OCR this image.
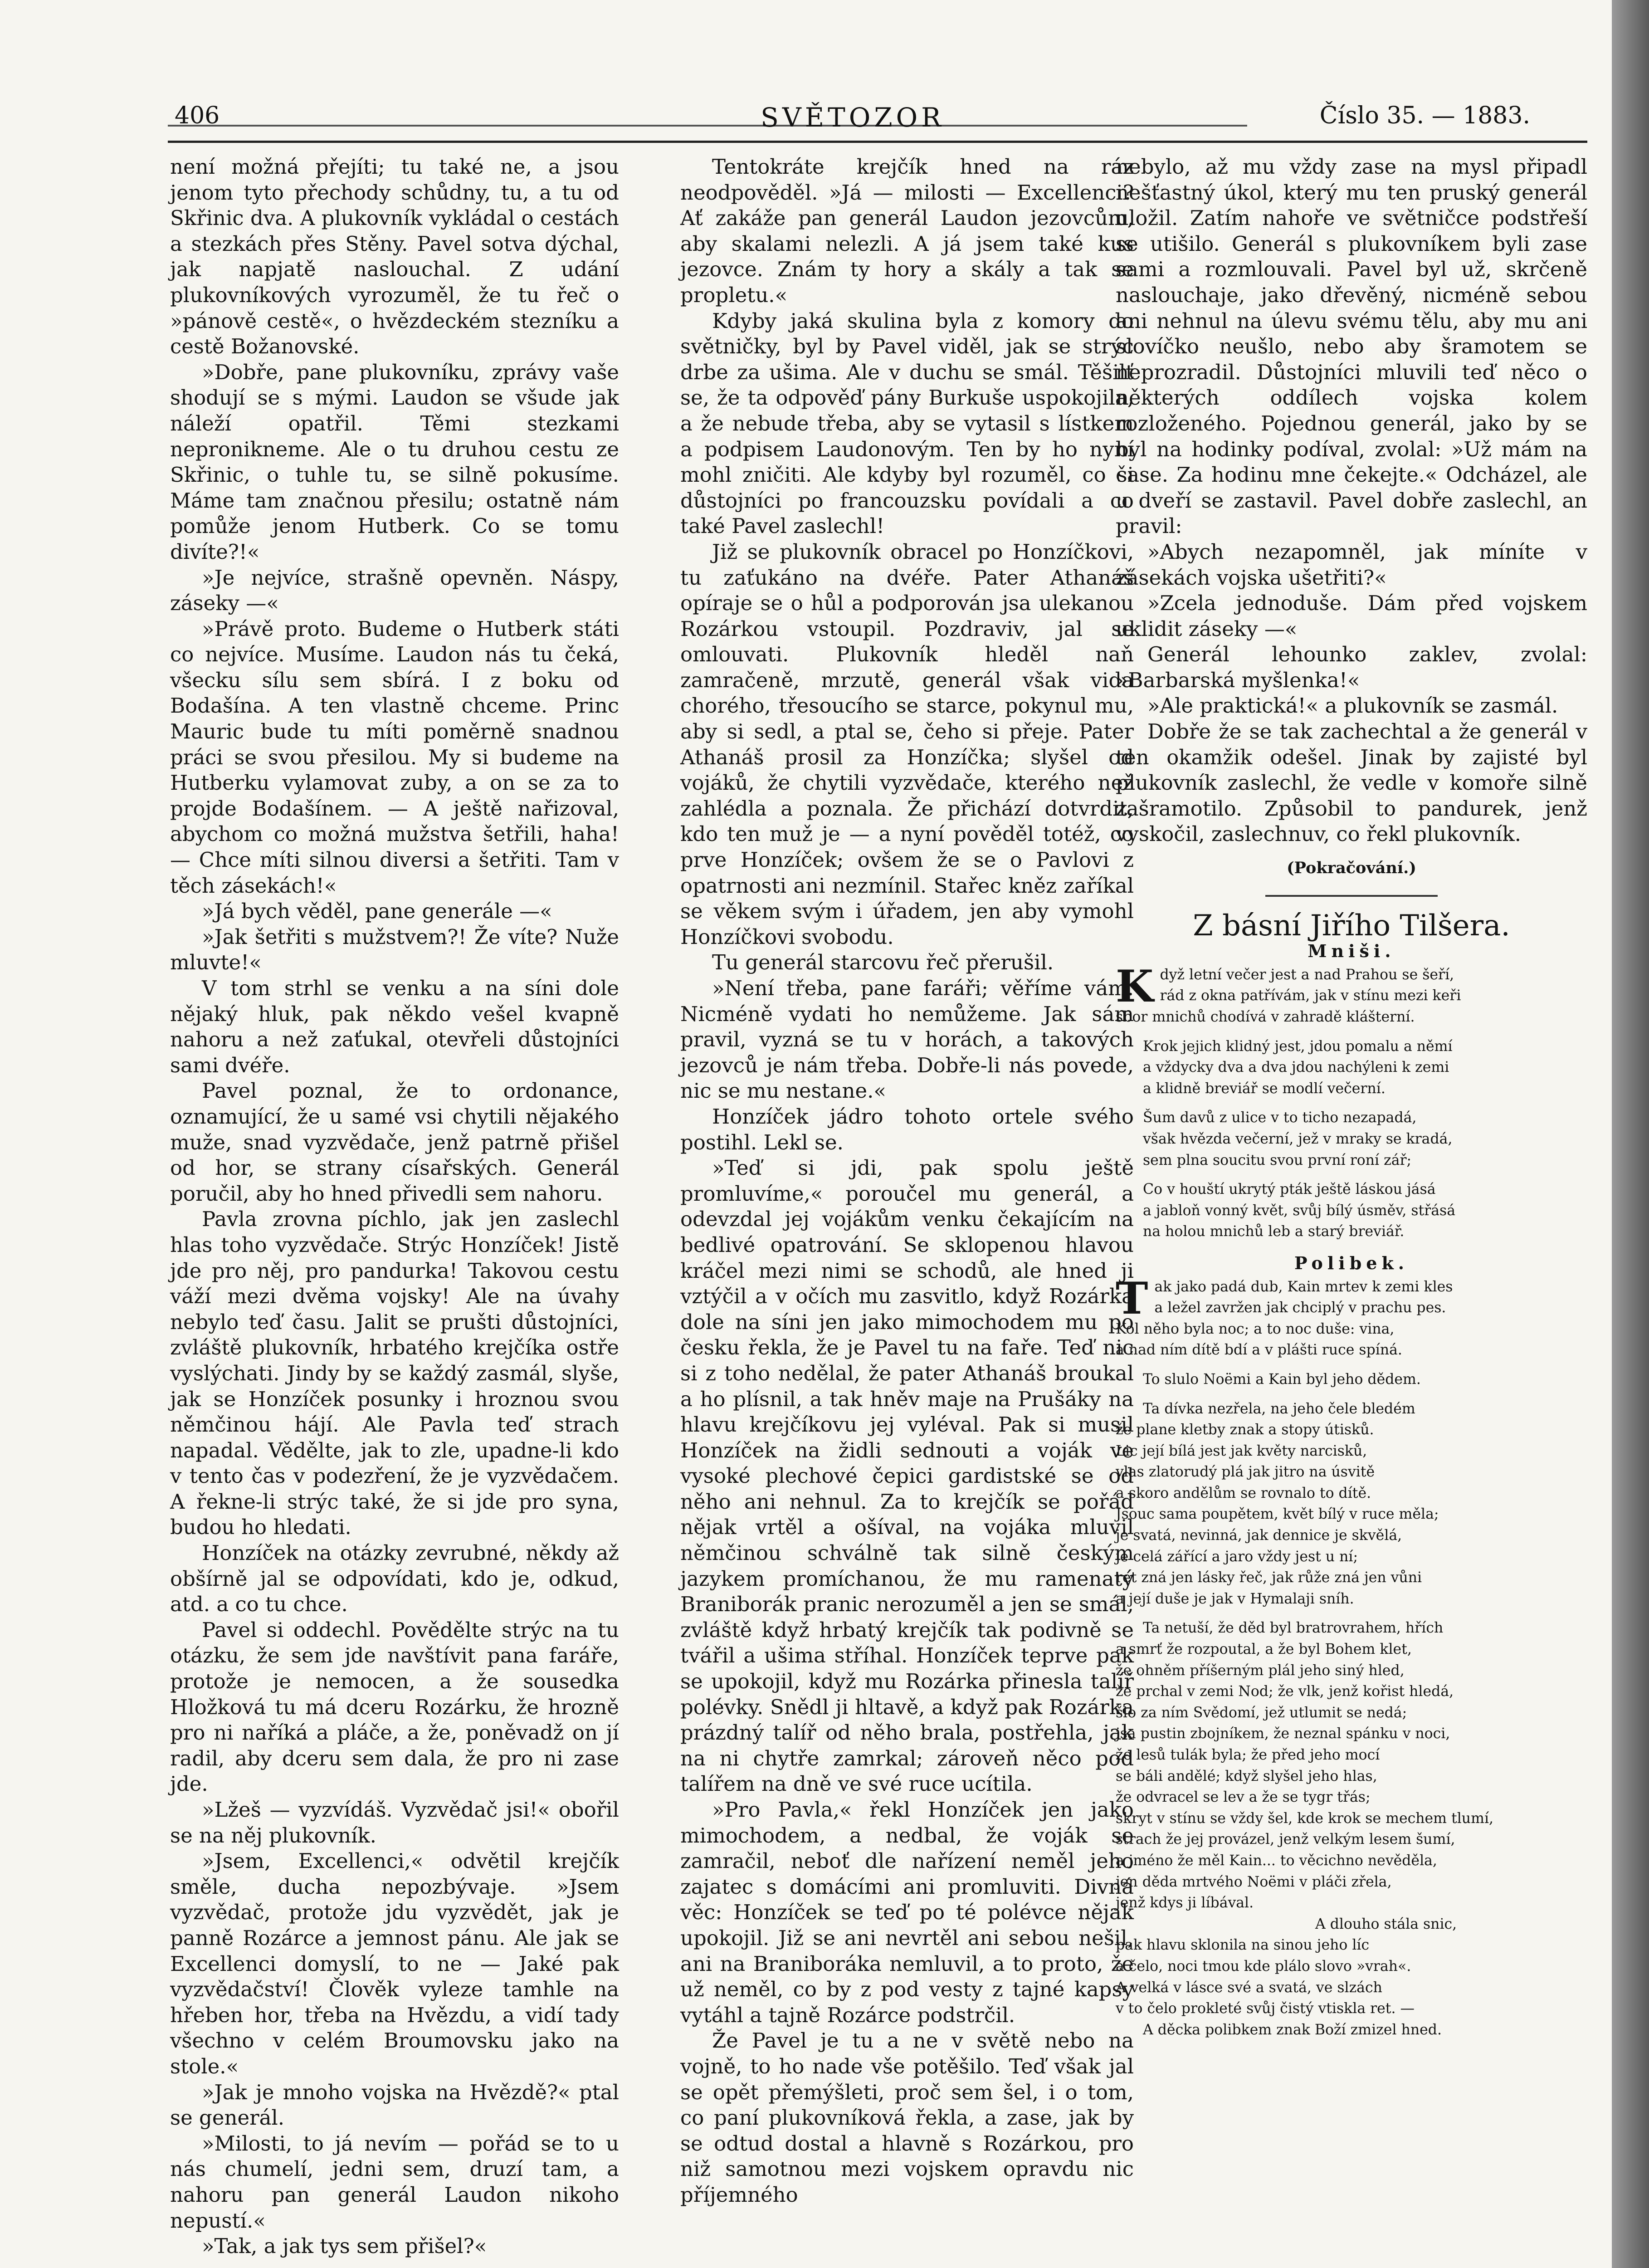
406	SVĚTOZOR	Číslo 35. — 1883.

není možná přejíti; tu také ne, a jsou jenom tyto přechody schůdny, tu, a tu od Skřinic dva. A plukovník vykládal o cestách a stezkách přes Stěny. Pavel sotva dýchal, jak napjatě naslouchal. Z udání plukovníkových vyrozuměl, že tu řeč o »pánově cestě«, o hvězdeckém stezníku a cestě Božanovské.

»Dobře, pane plukovníku, zprávy vaše shodují se s mými. Laudon se všude jak náleží opatřil. Těmi stezkami nepronikneme. Ale o tu druhou cestu ze Skřinic, o tuhle tu, se silně pokusíme. Máme tam značnou přesilu; ostatně nám pomůže jenom Hutberk. Co se tomu divíte?!«

»Je nejvíce, strašně opevněn. Náspy, záseky —«

»Právě proto. Budeme o Hutberk státi co nejvíce. Musíme. Laudon nás tu čeká, všecku sílu sem sbírá. I z boku od Bodašína. A ten vlastně chceme. Princ Mauric bude tu míti poměrně snadnou práci se svou přesilou. My si budeme na Hutberku vylamovat zuby, a on se za to projde Bodašínem. — A ještě nařizoval, abychom co možná mužstva šetřili, haha! — Chce míti silnou diversi a šetřiti. Tam v těch zásekách!«

»Já bych věděl, pane generále —«

»Jak šetřiti s mužstvem?! Že víte? Nuže mluvte!«

V tom strhl se venku a na síni dole nějaký hluk, pak někdo vešel kvapně nahoru a než zaťukal, otevřeli důstojníci sami dvéře.

Pavel poznal, že to ordonance, oznamující, že u samé vsi chytili nějakého muže, snad vyzvědače, jenž patrně přišel od hor, se strany císařských. Generál poručil, aby ho hned přivedli sem nahoru.

Pavla zrovna píchlo, jak jen zaslechl hlas toho vyzvědače. Strýc Honzíček! Jistě jde pro něj, pro pandurka! Takovou cestu váží mezi dvěma vojsky! Ale na úvahy nebylo teď času. Jalit se prušti důstojníci, zvláště plukovník, hrbatého krejčíka ostře vyslýchati. Jindy by se každý zasmál, slyše, jak se Honzíček posunky i hroznou svou němčinou hájí. Ale Pavla teď strach napadal. Vědělte, jak to zle, upadne-li kdo v tento čas v podezření, že je vyzvědačem. A řekne-li strýc také, že si jde pro syna, budou ho hledati.

Honzíček na otázky zevrubné, někdy až obšírně jal se odpovídati, kdo je, odkud, atd. a co tu chce.

Pavel si oddechl. Povědělte strýc na tu otázku, že sem jde navštívit pana faráře, protože je nemocen, a že sousedka Hložková tu má dceru Rozárku, že hrozně pro ni naříká a pláče, a že, poněvadž on jí radil, aby dceru sem dala, že pro ni zase jde.

»Lžeš — vyzvídáš. Vyzvědač jsi!« obořil se na něj plukovník.

»Jsem, Excellenci,« odvětil krejčík směle, ducha nepozbývaje. »Jsem vyzvědač, protože jdu vyzvědět, jak je panně Rozárce a jemnost pánu. Ale jak se Excellenci domyslí, to ne — Jaké pak vyzvědačství! Člověk vyleze tamhle na hřeben hor, třeba na Hvězdu, a vidí tady všechno v celém Broumovsku jako na stole.«

»Jak je mnoho vojska na Hvězdě?« ptal se generál.

»Milosti, to já nevím — pořád se to u nás chumelí, jedni sem, druzí tam, a nahoru pan generál Laudon nikoho nepustí.«

»Tak, a jak tys sem přišel?«

Tentokráte krejčík hned na ráz neodpověděl. »Já — milosti — Excellenci? Ať zakáže pan generál Laudon jezovcům, aby skalami nelezli. A já jsem také kus jezovce. Znám ty hory a skály a tak se propletu.«

Kdyby jaká skulina byla z komory do světničky, byl by Pavel viděl, jak se strýc drbe za ušima. Ale v duchu se smál. Těšilť se, že ta odpověď pány Burkuše uspokojila, a že nebude třeba, aby se vytasil s lístkem a podpisem Laudonovým. Ten by ho nyní mohl zničiti. Ale kdyby byl rozuměl, co si důstojníci po francouzsku povídali a co také Pavel zaslechl!

Již se plukovník obracel po Honzíčkovi, tu zaťukáno na dvéře. Pater Athanáš opíraje se o hůl a podporován jsa ulekanou Rozárkou vstoupil. Pozdraviv, jal se omlouvati. Plukovník hleděl naň zamračeně, mrzutě, generál však vida chorého, třesoucího se starce, pokynul mu, aby si sedl, a ptal se, čeho si přeje. Pater Athanáš prosil za Honzíčka; slyšel od vojáků, že chytili vyzvědače, kterého než zahlédla a poznala. Že přichází dotvrdit, kdo ten muž je — a nyní pověděl totéž, co prve Honzíček; ovšem že se o Pavlovi z opatrnosti ani nezmínil. Stařec kněz zaříkal se věkem svým i úřadem, jen aby vymohl Honzíčkovi svobodu.

Tu generál starcovu řeč přerušil.

»Není třeba, pane faráři; věříme vám. Nicméně vydati ho nemůžeme. Jak sám pravil, vyzná se tu v horách, a takových jezovců je nám třeba. Dobře-li nás povede, nic se mu nestane.«

Honzíček jádro tohoto ortele svého postihl. Lekl se.

»Teď si jdi, pak spolu ještě promluvíme,« poroučel mu generál, a odevzdal jej vojákům venku čekajícím na bedlivé opatrování. Se sklopenou hlavou kráčel mezi nimi se schodů, ale hned ji vztýčil a v očích mu zasvitlo, když Rozárka dole na síni jen jako mimochodem mu po česku řekla, že je Pavel tu na faře. Teď nic si z toho nedělal, že pater Athanáš broukal a ho plísnil, a tak hněv maje na Prušáky na hlavu krejčíkovu jej vyléval. Pak si musil Honzíček na židli sednouti a voják ve vysoké plechové čepici gardistské se od něho ani nehnul. Za to krejčík se pořád nějak vrtěl a ošíval, na vojáka mluvil němčinou schválně tak silně českým jazykem promíchanou, že mu ramenatý Braniborák pranic nerozuměl a jen se smál, zvláště když hrbatý krejčík tak podivně se tvářil a ušima stříhal. Honzíček teprve pak se upokojil, když mu Rozárka přinesla talíř polévky. Snědl ji hltavě, a když pak Rozárka prázdný talíř od něho brala, postřehla, jak na ni chytře zamrkal; zároveň něco pod talířem na dně ve své ruce ucítila.

»Pro Pavla,« řekl Honzíček jen jako mimochodem, a nedbal, že voják se zamračil, neboť dle nařízení neměl jeho zajatec s domácími ani promluviti. Divná věc: Honzíček se teď po té polévce nějak upokojil. Již se ani nevrtěl ani sebou nešil, ani na Braniboráka nemluvil, a to proto, že už neměl, co by z pod vesty z tajné kapsy vytáhl a tajně Rozárce podstrčil.

Že Pavel je tu a ne v světě nebo na vojně, to ho nade vše potěšilo. Teď však jal se opět přemýšleti, proč sem šel, i o tom, co paní plukovníková řekla, a zase, jak by se odtud dostal a hlavně s Rozárkou, pro niž samotnou mezi vojskem opravdu nic příjemného

nebylo, až mu vždy zase na mysl připadl nešťastný úkol, který mu ten pruský generál uložil. Zatím nahoře ve světničce podstřeší se utišilo. Generál s plukovníkem byli zase sami a rozmlouvali. Pavel byl už, skrčeně naslouchaje, jako dřevěný, nicméně sebou ani nehnul na úlevu svému tělu, aby mu ani slovíčko neušlo, nebo aby šramotem se neprozradil. Důstojníci mluvili teď něco o některých oddílech vojska kolem rozloženého. Pojednou generál, jako by se byl na hodinky podíval, zvolal: »Už mám na čase. Za hodinu mne čekejte.« Odcházel, ale u dveří se zastavil. Pavel dobře zaslechl, an pravil:

»Abych nezapomněl, jak míníte v zásekách vojska ušetřiti?«

»Zcela jednoduše. Dám před vojskem uklidit záseky —«

Generál lehounko zaklev, zvolal: »Barbarská myšlenka!«

»Ale praktická!« a plukovník se zasmál.

Dobře že se tak zachechtal a že generál v ten okamžik odešel. Jinak by zajisté byl plukovník zaslechl, že vedle v komoře silně zašramotilo. Způsobil to pandurek, jenž vyskočil, zaslechnuv, co řekl plukovník.

(Pokračování.)

Z básní Jiřího Tilšera.

Mniši.

K dyž letní večer jest a nad Prahou se šeří,
rád z okna patřívám, jak v stínu mezi keři
sbor mnichů chodívá v zahradě klášterní.
Krok jejich klidný jest, jdou pomalu a němí
a vždycky dva a dva jdou nachýleni k zemi
a klidně breviář se modlí večerní.
Šum davů z ulice v to ticho nezapadá,
však hvězda večerní, jež v mraky se kradá,
sem plna soucitu svou první roní zář;
Co v houští ukrytý pták ještě láskou jásá
a jabloň vonný květ, svůj bílý úsměv, střásá
na holou mnichů leb a starý breviář.

Polibek.

T ak jako padá dub, Kain mrtev k zemi kles
a ležel zavržen jak chciplý v prachu pes.
Kol něho byla noc; a to noc duše: vina,
a nad ním dítě bdí a v plášti ruce spíná.
To slulo Noëmi a Kain byl jeho dědem.
Ta dívka nezřela, na jeho čele bledém
že plane kletby znak a stopy útisků.
Lic její bílá jest jak květy narcisků,
vlas zlatorudý plá jak jitro na úsvitě
a skoro andělům se rovnalo to dítě.
Jsouc sama poupětem, květ bílý v ruce měla;
je svatá, nevinná, jak dennice je skvělá,
je celá zářící a jaro vždy jest u ní;
ret zná jen lásky řeč, jak růže zná jen vůni
a její duše je jak v Hymalaji sníh.
Ta netuší, že děd byl bratrovrahem, hřích
a smrť že rozpoutal, a že byl Bohem klet,
že ohněm příšerným plál jeho siný hled,
že prchal v zemi Nod; že vlk, jenž kořist hledá,
šlo za ním Svědomí, jež utlumit se nedá;
jsa pustin zbojníkem, že neznal spánku v noci,
že lesů tulák byla; že před jeho mocí
se báli andělé; když slyšel jeho hlas,
že odvracel se lev a že se tygr třás;
skryt v stínu se vždy šel, kde krok se mechem tlumí,
strach že jej provázel, jenž velkým lesem šumí,
a jméno že měl Kain... to věcichno nevěděla,
jen děda mrtvého Noëmi v pláči zřela,
jenž kdys ji líbával.
A dlouho stála snic,
pak hlavu sklonila na sinou jeho líc
a čelo, noci tmou kde plálo slovo »vrah«.
A velká v lásce své a svatá, ve slzách
v to čelo prokleté svůj čistý vtiskla ret. —
A děcka polibkem znak Boží zmizel hned.
